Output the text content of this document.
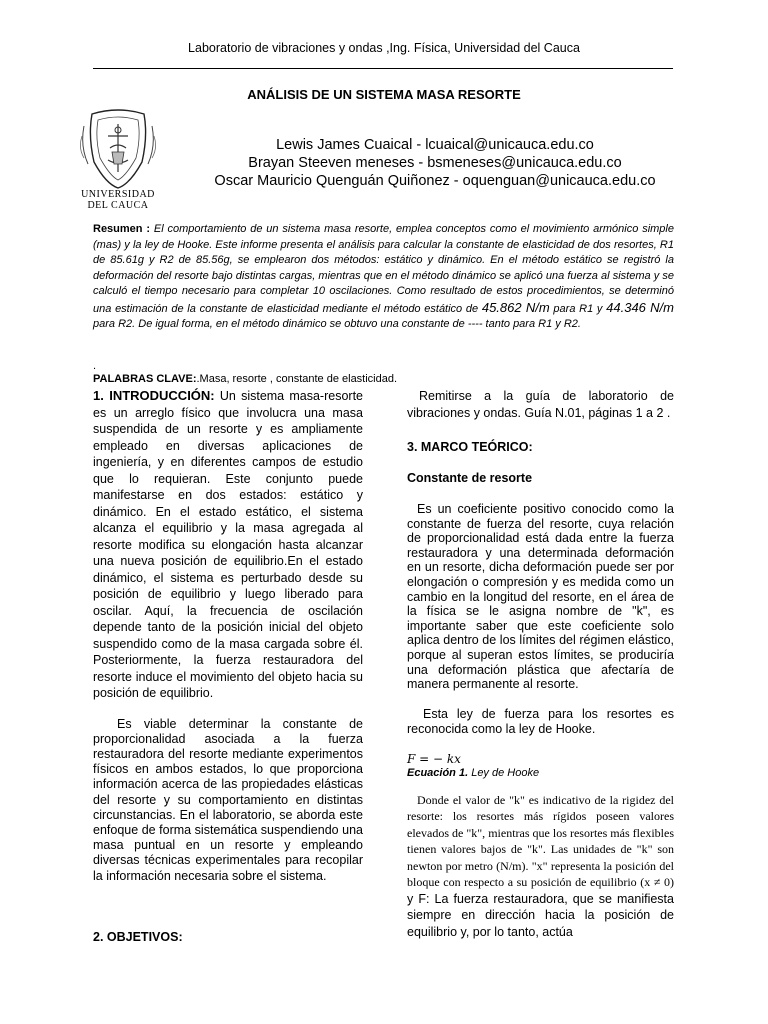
Laboratorio de vibraciones y ondas ,Ing. Física, Universidad del Cauca
ANÁLISIS DE UN SISTEMA MASA RESORTE
UNIVERSIDAD
DEL CAUCA
Lewis James Cuaical - lcuaical@unicauca.edu.co
Brayan Steeven meneses - bsmeneses@unicauca.edu.co
Oscar Mauricio Quenguán Quiñonez - oquenguan@unicauca.edu.co
Resumen : El comportamiento de un sistema masa resorte, emplea conceptos como el movimiento armónico simple (mas) y la ley de Hooke. Este informe presenta el análisis para calcular la constante de elasticidad de dos resortes, R1 de 85.61g y R2 de 85.56g, se emplearon dos métodos: estático y dinámico. En el método estático se registró la deformación del resorte bajo distintas cargas, mientras que en el método dinámico se aplicó una fuerza al sistema y se calculó el tiempo necesario para completar 10 oscilaciones. Como resultado de estos procedimientos, se determinó una estimación de la constante de elasticidad mediante el método estático de 45.862 N/m para R1 y 44.346 N/m para R2. De igual forma, en el método dinámico se obtuvo una constante de ---- tanto para R1 y R2.
.
PALABRAS CLAVE:.Masa, resorte , constante de elasticidad.

1. INTRODUCCIÓN: Un sistema masa-resorte es un arreglo físico que involucra una masa suspendida de un resorte y es ampliamente empleado en diversas aplicaciones de ingeniería, y en diferentes campos de estudio que lo requieran. Este conjunto puede manifestarse en dos estados: estático y dinámico. En el estado estático, el sistema alcanza el equilibrio y la masa agregada al resorte modifica su elongación hasta alcanzar una nueva posición de equilibrio.En el estado dinámico, el sistema es perturbado desde su posición de equilibrio y luego liberado para oscilar. Aquí, la frecuencia de oscilación depende tanto de la posición inicial del objeto suspendido como de la masa cargada sobre él. Posteriormente, la fuerza restauradora del resorte induce el movimiento del objeto hacia su posición de equilibrio.

Es viable determinar la constante de proporcionalidad asociada a la fuerza restauradora del resorte mediante experimentos físicos en ambos estados, lo que proporciona información acerca de las propiedades elásticas del resorte y su comportamiento en distintas circunstancias. En el laboratorio, se aborda este enfoque de forma sistemática suspendiendo una masa puntual en un resorte y empleando diversas técnicas experimentales para recopilar la información necesaria sobre el sistema.

2. OBJETIVOS:

Remitirse a la guía de laboratorio de vibraciones y ondas. Guía N.01, páginas 1 a 2 .

3. MARCO TEÓRICO:

Constante de resorte

Es un coeficiente positivo conocido como la constante de fuerza del resorte, cuya relación de proporcionalidad está dada entre la fuerza restauradora y una determinada deformación en un resorte, dicha deformación puede ser por elongación o compresión y es medida como un cambio en la longitud del resorte, en el área de la física se le asigna nombre de "k", es importante saber que este coeficiente solo aplica dentro de los límites del régimen elástico, porque al superan estos límites, se produciría una deformación plástica que afectaría de manera permanente al resorte.

Esta ley de fuerza para los resortes es reconocida como la ley de Hooke.

F = − kx

Ecuación 1. Ley de Hooke

Donde el valor de "k" es indicativo de la rigidez del resorte: los resortes más rígidos poseen valores elevados de "k", mientras que los resortes más flexibles tienen valores bajos de "k". Las unidades de "k" son newton por metro (N/m). "x" representa la posición del bloque con respecto a su posición de equilibrio (x ≠ 0) y F: La fuerza restauradora, que se manifiesta siempre en dirección hacia la posición de equilibrio y, por lo tanto, actúa
